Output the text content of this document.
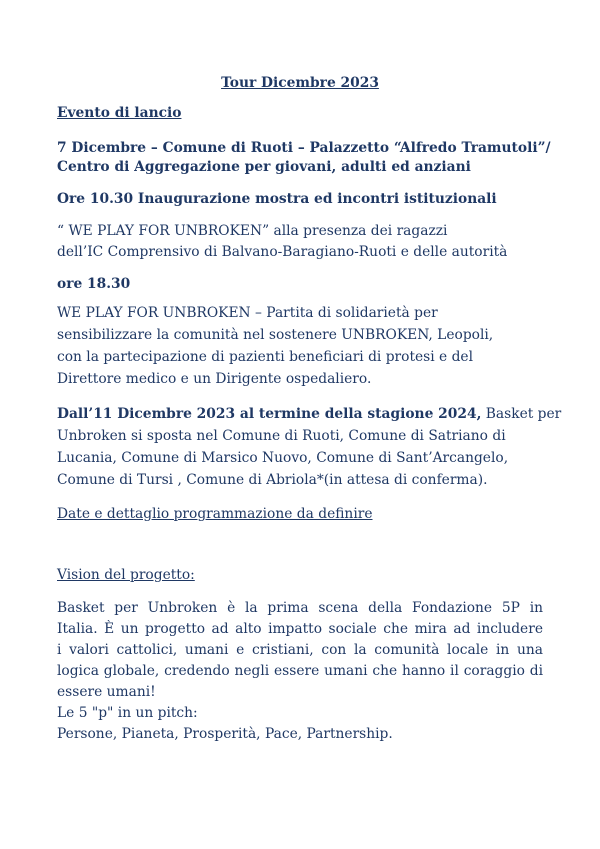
Tour Dicembre 2023
Evento di lancio
7 Dicembre – Comune di Ruoti – Palazzetto “Alfredo Tramutoli”/
Centro di Aggregazione per giovani, adulti ed anziani
Ore 10.30 Inaugurazione mostra ed incontri istituzionali
“ WE PLAY FOR UNBROKEN” alla presenza dei ragazzi
dell’IC Comprensivo di Balvano-Baragiano-Ruoti e delle autorità
ore 18.30
WE PLAY FOR UNBROKEN – Partita di solidarietà per
sensibilizzare la comunità nel sostenere UNBROKEN, Leopoli,
con la partecipazione di pazienti beneficiari di protesi e del
Direttore medico e un Dirigente ospedaliero.
Dall’11 Dicembre 2023 al termine della stagione 2024, Basket per
Unbroken si sposta nel Comune di Ruoti, Comune di Satriano di
Lucania, Comune di Marsico Nuovo, Comune di Sant’Arcangelo,
Comune di Tursi , Comune di Abriola*(in attesa di conferma).
Date e dettaglio programmazione da definire
Vision del progetto:
Basket per Unbroken è la prima scena della Fondazione 5P in
Italia. È un progetto ad alto impatto sociale che mira ad includere
i valori cattolici, umani e cristiani, con la comunità locale in una
logica globale, credendo negli essere umani che hanno il coraggio di
essere umani!
Le 5 "p" in un pitch:
Persone, Pianeta, Prosperità, Pace, Partnership.
